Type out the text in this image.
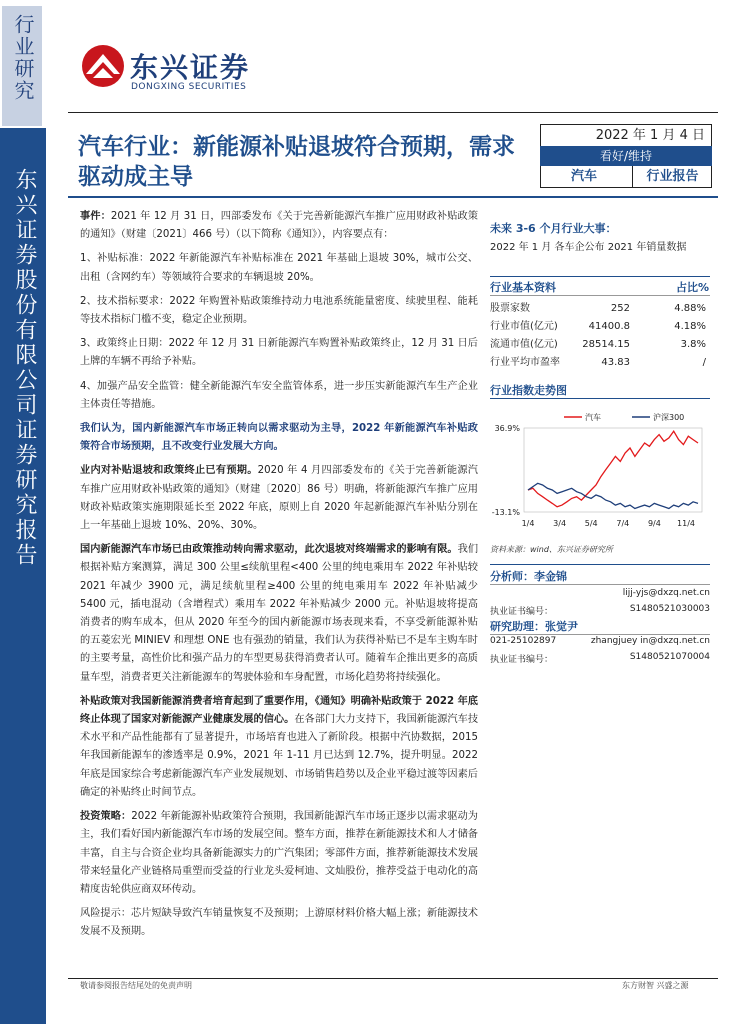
行业研究
东兴证券股份有限公司证券研究报告
东兴证券
DONGXING SECURITIES
汽车行业：新能源补贴退坡符合预期，需求驱动成主导
2022 年 1 月 4 日
看好/维持
汽车	行业报告

事件：2021 年 12 月 31 日，四部委发布《关于完善新能源汽车推广应用财政补贴政策的通知》（财建〔2021〕466 号）（以下简称《通知》），内容要点有：

1、补贴标准：2022 年新能源汽车补贴标准在 2021 年基础上退坡 30%，城市公交、出租（含网约车）等领域符合要求的车辆退坡 20%。

2、技术指标要求：2022 年购置补贴政策维持动力电池系统能量密度、续驶里程、能耗等技术指标门槛不变，稳定企业预期。

3、政策终止日期：2022 年 12 月 31 日新能源汽车购置补贴政策终止，12 月 31 日后上牌的车辆不再给予补贴。

4、加强产品安全监管：健全新能源汽车安全监管体系，进一步压实新能源汽车生产企业主体责任等措施。

我们认为，国内新能源汽车市场正转向以需求驱动为主导，2022 年新能源汽车补贴政策符合市场预期，且不改变行业发展大方向。

业内对补贴退坡和政策终止已有预期。2020 年 4 月四部委发布的《关于完善新能源汽车推广应用财政补贴政策的通知》（财建〔2020〕86 号）明确，将新能源汽车推广应用财政补贴政策实施期限延长至 2022 年底，原则上自 2020 年起新能源汽车补贴分别在上一年基础上退坡 10%、20%、30%。

国内新能源汽车市场已由政策推动转向需求驱动，此次退坡对终端需求的影响有限。我们根据补贴方案测算，满足 300 公里≤续航里程<400 公里的纯电乘用车 2022 年补贴较 2021 年减少 3900 元，满足续航里程≥400 公里的纯电乘用车 2022 年补贴减少 5400 元，插电混动（含增程式）乘用车 2022 年补贴减少 2000 元。补贴退坡将提高消费者的购车成本，但从 2020 年至今的国内新能源市场表现来看，不享受新能源补贴的五菱宏光 MINIEV 和理想 ONE 也有强劲的销量，我们认为获得补贴已不是车主购车时的主要考量，高性价比和强产品力的车型更易获得消费者认可。随着车企推出更多的高质量车型，消费者更关注新能源车的驾驶体验和车身配置，市场化趋势将持续强化。

补贴政策对我国新能源消费者培育起到了重要作用，《通知》明确补贴政策于 2022 年底终止体现了国家对新能源产业健康发展的信心。在各部门大力支持下，我国新能源汽车技术水平和产品性能都有了显著提升，市场培育也进入了新阶段。根据中汽协数据，2015 年我国新能源车的渗透率是 0.9%，2021 年 1-11 月已达到 12.7%，提升明显。2022 年底是国家综合考虑新能源汽车产业发展规划、市场销售趋势以及企业平稳过渡等因素后确定的补贴终止时间节点。

投资策略：2022 年新能源补贴政策符合预期，我国新能源汽车市场正逐步以需求驱动为主，我们看好国内新能源汽车市场的发展空间。整车方面，推荐在新能源技术和人才储备丰富，自主与合资企业均具备新能源实力的广汽集团；零部件方面，推荐新能源技术发展带来轻量化产业链格局重塑而受益的行业龙头爱柯迪、文灿股份，推荐受益于电动化的高精度齿轮供应商双环传动。

风险提示：芯片短缺导致汽车销量恢复不及预期；上游原材料价格大幅上涨；新能源技术发展不及预期。

未来 3-6 个月行业大事：
2022 年 1 月 各车企公布 2021 年销量数据
行业基本资料	占比%
股票家数	252	4.88%
行业市值(亿元)	41400.8	4.18%
流通市值(亿元) 28514.15	3.8%
行业平均市盈率	43.83	/
行业指数走势图
36.9%
-13.1%
1/4 3/4 5/4 7/4 9/4 11/4
汽车	沪深300
资料来源：wind、东兴证券研究所
分析师：李金锦
lijj-yjs@dxzq.net.cn
执业证书编号：	S1480521030003
研究助理：张觉尹
021-25102897	zhangjuey in@dxzq.net.cn
执业证书编号：	S1480521070004
敬请参阅报告结尾处的免责声明	东方财智 兴盛之源
